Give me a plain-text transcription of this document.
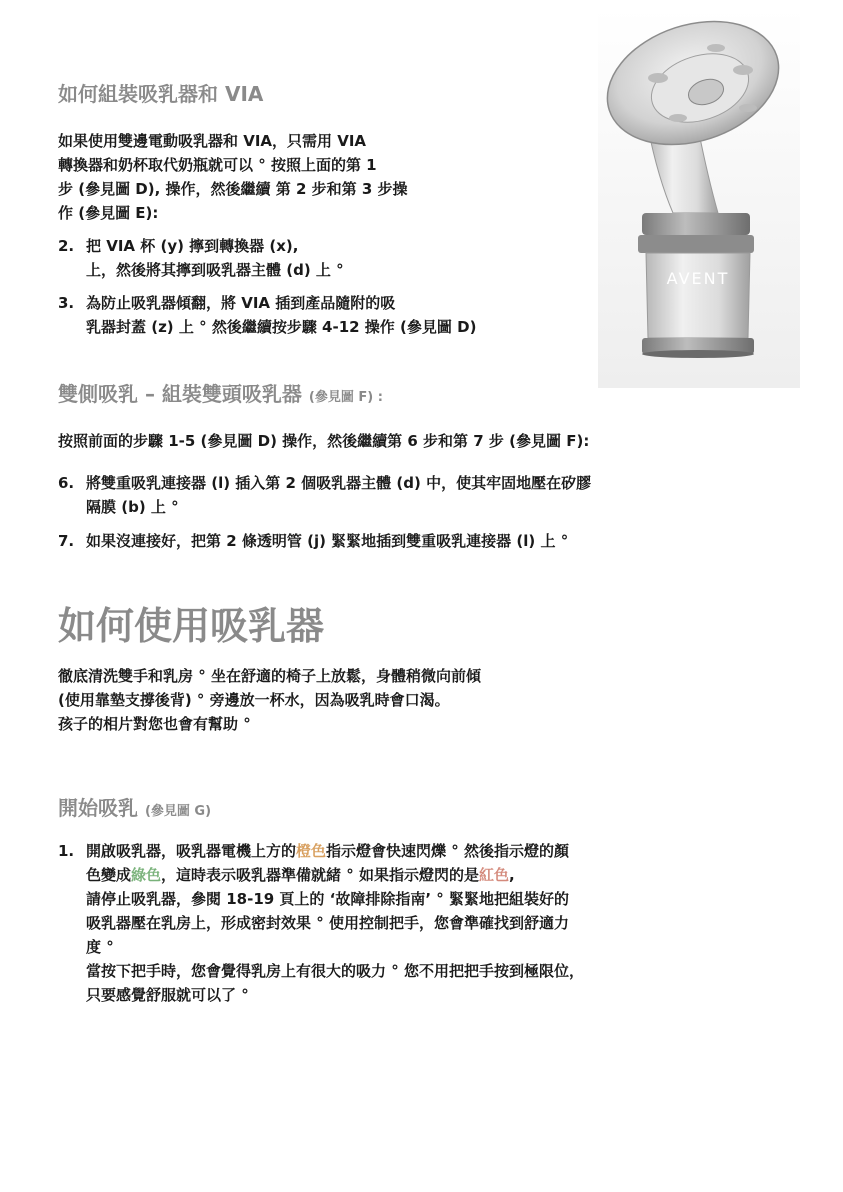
如何組裝吸乳器和 VIA
如果使用雙邊電動吸乳器和 VIA，只需用 VIA
轉換器和奶杯取代奶瓶就可以 ° 按照上面的第 1
步 (參見圖 D), 操作，然後繼續 第 2 步和第 3 步操
作 (參見圖 E):
2. 把 VIA 杯 (y) 擰到轉換器 (x),
上，然後將其擰到吸乳器主體 (d) 上 °
3. 為防止吸乳器傾翻，將 VIA 插到產品隨附的吸
乳器封蓋 (z) 上 ° 然後繼續按步驟 4-12 操作 (參見圖 D)
AVENT
雙側吸乳 – 組裝雙頭吸乳器 (參見圖 F) :
按照前面的步驟 1-5 (參見圖 D) 操作，然後繼續第 6 步和第 7 步 (參見圖 F):
6. 將雙重吸乳連接器 (l) 插入第 2 個吸乳器主體 (d) 中，使其牢固地壓在矽膠
隔膜 (b) 上 °
7. 如果沒連接好，把第 2 條透明管 (j) 緊緊地插到雙重吸乳連接器 (l) 上 °
如何使用吸乳器
徹底清洗雙手和乳房 ° 坐在舒適的椅子上放鬆，身體稍微向前傾
(使用靠墊支撐後背) ° 旁邊放一杯水，因為吸乳時會口渴。
孩子的相片對您也會有幫助 °
開始吸乳 (參見圖 G)
1. 開啟吸乳器，吸乳器電機上方的橙色指示燈會快速閃爍 ° 然後指示燈的顏
色變成綠色，這時表示吸乳器準備就緒 ° 如果指示燈閃的是紅色,
請停止吸乳器，參閱 18-19 頁上的 ‘故障排除指南’ ° 緊緊地把組裝好的
吸乳器壓在乳房上，形成密封效果 ° 使用控制把手，您會準確找到舒適力
度 °
當按下把手時，您會覺得乳房上有很大的吸力 ° 您不用把把手按到極限位，
只要感覺舒服就可以了 °
